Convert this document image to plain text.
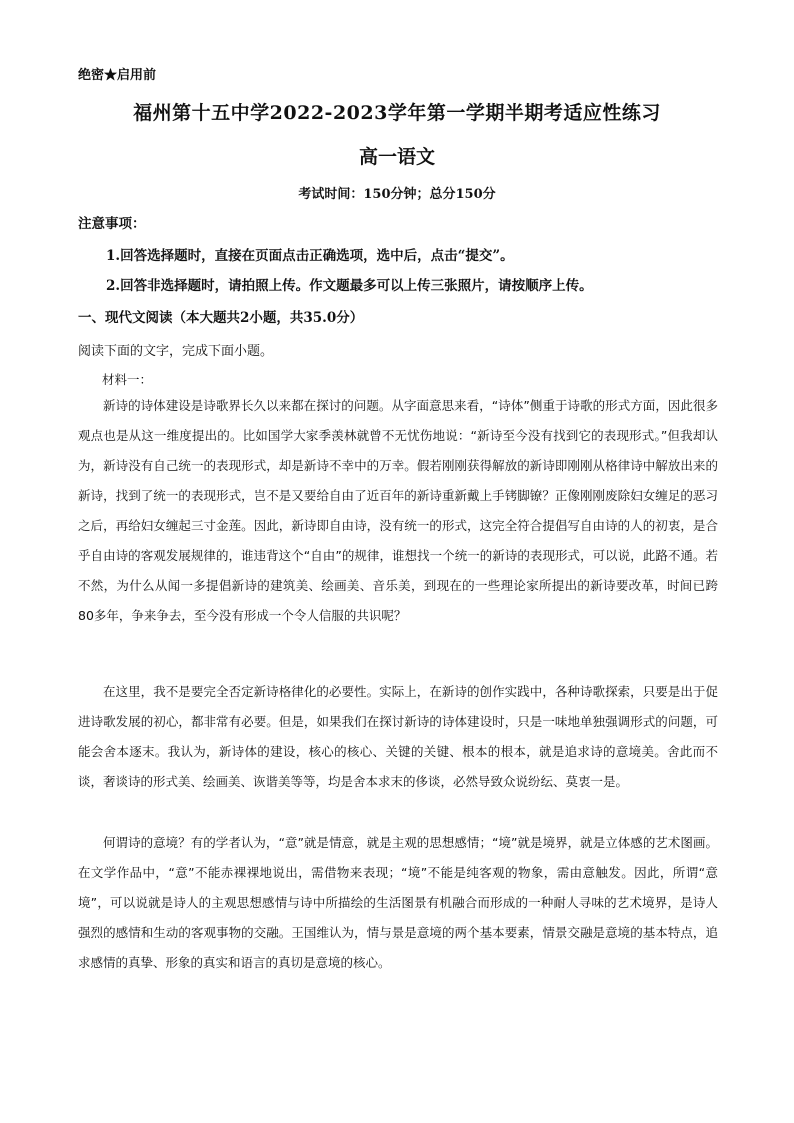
绝密★启用前
福州第十五中学2022-2023学年第一学期半期考适应性练习
高一语文
考试时间：150分钟；总分150分
注意事项：
1.回答选择题时，直接在页面点击正确选项，选中后，点击“提交”。
2.回答非选择题时，请拍照上传。作文题最多可以上传三张照片，请按顺序上传。
一、现代文阅读（本大题共2小题，共35.0分）
阅读下面的文字，完成下面小题。
材料一：

新诗的诗体建设是诗歌界长久以来都在探讨的问题。从字面意思来看，“诗体”侧重于诗歌的形式方面，因此很多观点也是从这一维度提出的。比如国学大家季羡林就曾不无忧伤地说：“新诗至今没有找到它的表现形式。”但我却认为，新诗没有自己统一的表现形式，却是新诗不幸中的万幸。假若刚刚获得解放的新诗即刚刚从格律诗中解放出来的新诗，找到了统一的表现形式，岂不是又要给自由了近百年的新诗重新戴上手铐脚镣？正像刚刚废除妇女缠足的恶习之后，再给妇女缠起三寸金莲。因此，新诗即自由诗，没有统一的形式，这完全符合提倡写自由诗的人的初衷，是合乎自由诗的客观发展规律的，谁违背这个“自由”的规律，谁想找一个统一的新诗的表现形式，可以说，此路不通。若不然，为什么从闻一多提倡新诗的建筑美、绘画美、音乐美，到现在的一些理论家所提出的新诗要改革，时间已跨80多年，争来争去，至今没有形成一个令人信服的共识呢？

在这里，我不是要完全否定新诗格律化的必要性。实际上，在新诗的创作实践中，各种诗歌探索，只要是出于促进诗歌发展的初心，都非常有必要。但是，如果我们在探讨新诗的诗体建设时，只是一味地单独强调形式的问题，可能会舍本逐末。我认为，新诗体的建设，核心的核心、关键的关键、根本的根本，就是追求诗的意境美。舍此而不谈，奢谈诗的形式美、绘画美、诙谐美等等，均是舍本求末的侈谈，必然导致众说纷纭、莫衷一是。

何谓诗的意境？有的学者认为，“意”就是情意，就是主观的思想感情；“境”就是境界，就是立体感的艺术图画。在文学作品中，“意”不能赤裸裸地说出，需借物来表现；“境”不能是纯客观的物象，需由意触发。因此，所谓“意境”，可以说就是诗人的主观思想感情与诗中所描绘的生活图景有机融合而形成的一种耐人寻味的艺术境界，是诗人强烈的感情和生动的客观事物的交融。王国维认为，情与景是意境的两个基本要素，情景交融是意境的基本特点，追求感情的真挚、形象的真实和语言的真切是意境的核心。
